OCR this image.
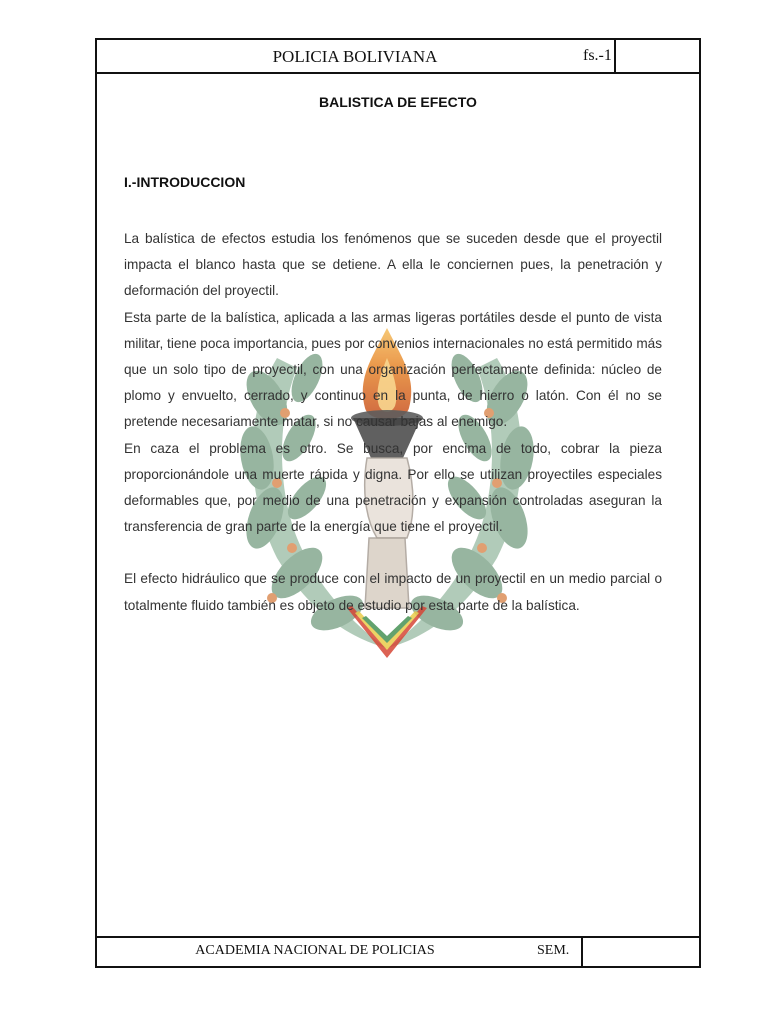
POLICIA BOLIVIANA	fs.-1
BALISTICA DE EFECTO
I.-INTRODUCCION

La balística de efectos estudia los fenómenos que se suceden desde que el proyectil impacta el blanco hasta que se detiene. A ella le conciernen pues, la penetración y deformación del proyectil.

Esta parte de la balística, aplicada a las armas ligeras portátiles desde el punto de vista militar, tiene poca importancia, pues por convenios internacionales no está permitido más que un solo tipo de proyectil, con una organización perfectamente definida: núcleo de plomo y envuelto, cerrado, y continuo en la punta, de hierro o latón. Con él no se pretende necesariamente matar, si no causar bajas al enemigo.

En caza el problema es otro. Se busca, por encima de todo, cobrar la pieza proporcionándole una muerte rápida y digna. Por ello se utilizan proyectiles especiales deformables que, por medio de una penetración y expansión controladas aseguran la transferencia de gran parte de la energía que tiene el proyectil.

El efecto hidráulico que se produce con el impacto de un proyectil en un medio parcial o totalmente fluido también es objeto de estudio por esta parte de la balística.

ACADEMIA NACIONAL DE POLICIAS	SEM.
